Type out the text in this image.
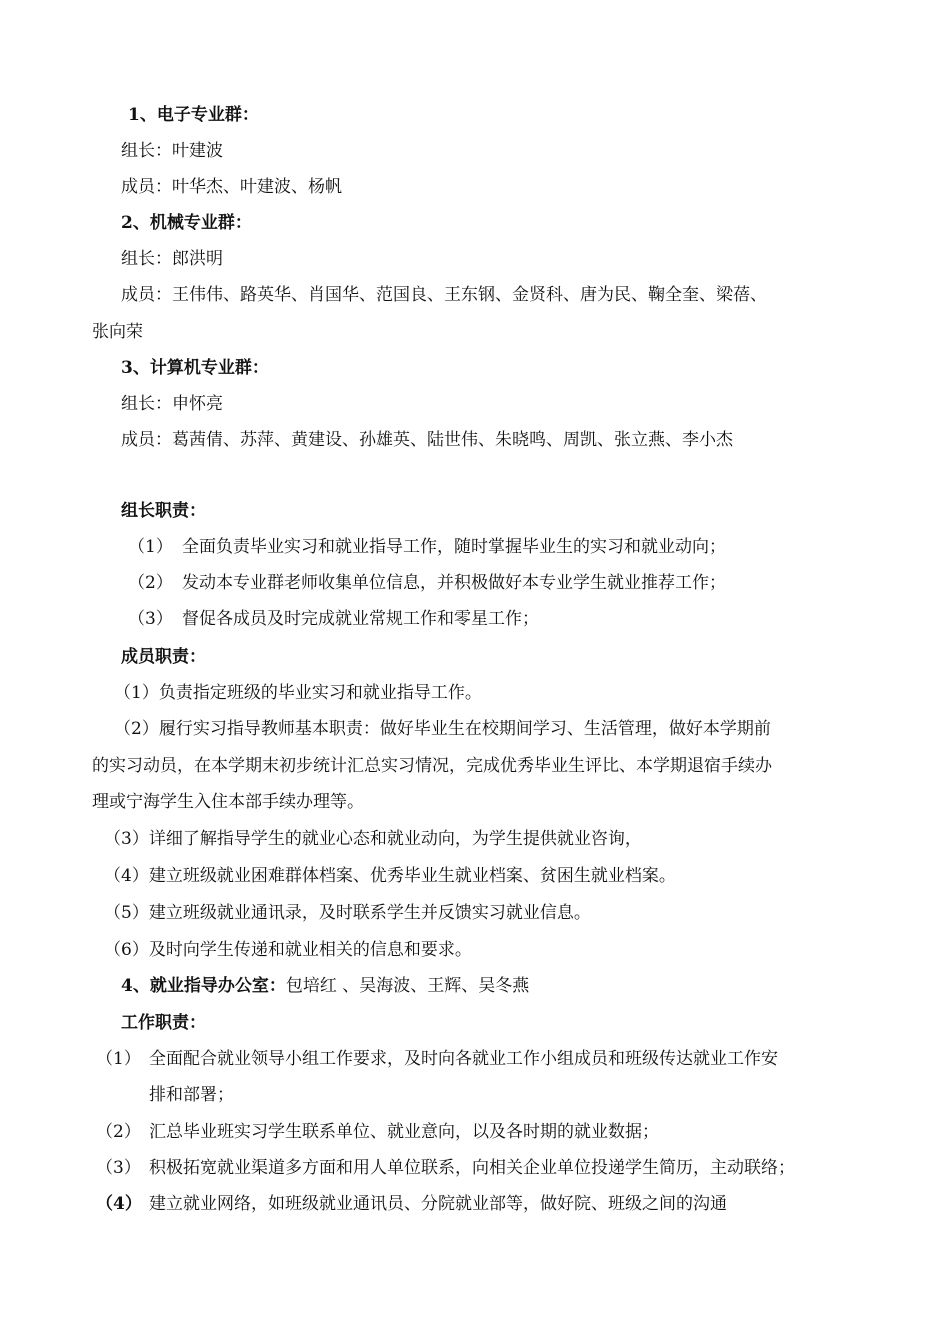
1、电子专业群：
组长：叶建波
成员：叶华杰、叶建波、杨帆
2、机械专业群：
组长：郎洪明
成员：王伟伟、路英华、肖国华、范国良、王东钢、金贤科、唐为民、鞠全奎、梁蓓、
张向荣
3、计算机专业群：
组长：申怀亮
成员：葛茜倩、苏萍、黄建设、孙雄英、陆世伟、朱晓鸣、周凯、张立燕、李小杰
组长职责：
（1） 全面负责毕业实习和就业指导工作，随时掌握毕业生的实习和就业动向；
（2） 发动本专业群老师收集单位信息，并积极做好本专业学生就业推荐工作；
（3） 督促各成员及时完成就业常规工作和零星工作；
成员职责：
（1）负责指定班级的毕业实习和就业指导工作。
（2）履行实习指导教师基本职责：做好毕业生在校期间学习、生活管理，做好本学期前
的实习动员，在本学期末初步统计汇总实习情况，完成优秀毕业生评比、本学期退宿手续办
理或宁海学生入住本部手续办理等。
（3）详细了解指导学生的就业心态和就业动向，为学生提供就业咨询，
（4）建立班级就业困难群体档案、优秀毕业生就业档案、贫困生就业档案。
（5）建立班级就业通讯录，及时联系学生并反馈实习就业信息。
（6）及时向学生传递和就业相关的信息和要求。
4、就业指导办公室：包培红 、吴海波、王辉、吴冬燕
工作职责：
（1） 全面配合就业领导小组工作要求，及时向各就业工作小组成员和班级传达就业工作安
排和部署；
（2） 汇总毕业班实习学生联系单位、就业意向，以及各时期的就业数据；
（3） 积极拓宽就业渠道多方面和用人单位联系，向相关企业单位投递学生简历，主动联络；
（4） 建立就业网络，如班级就业通讯员、分院就业部等，做好院、班级之间的沟通
